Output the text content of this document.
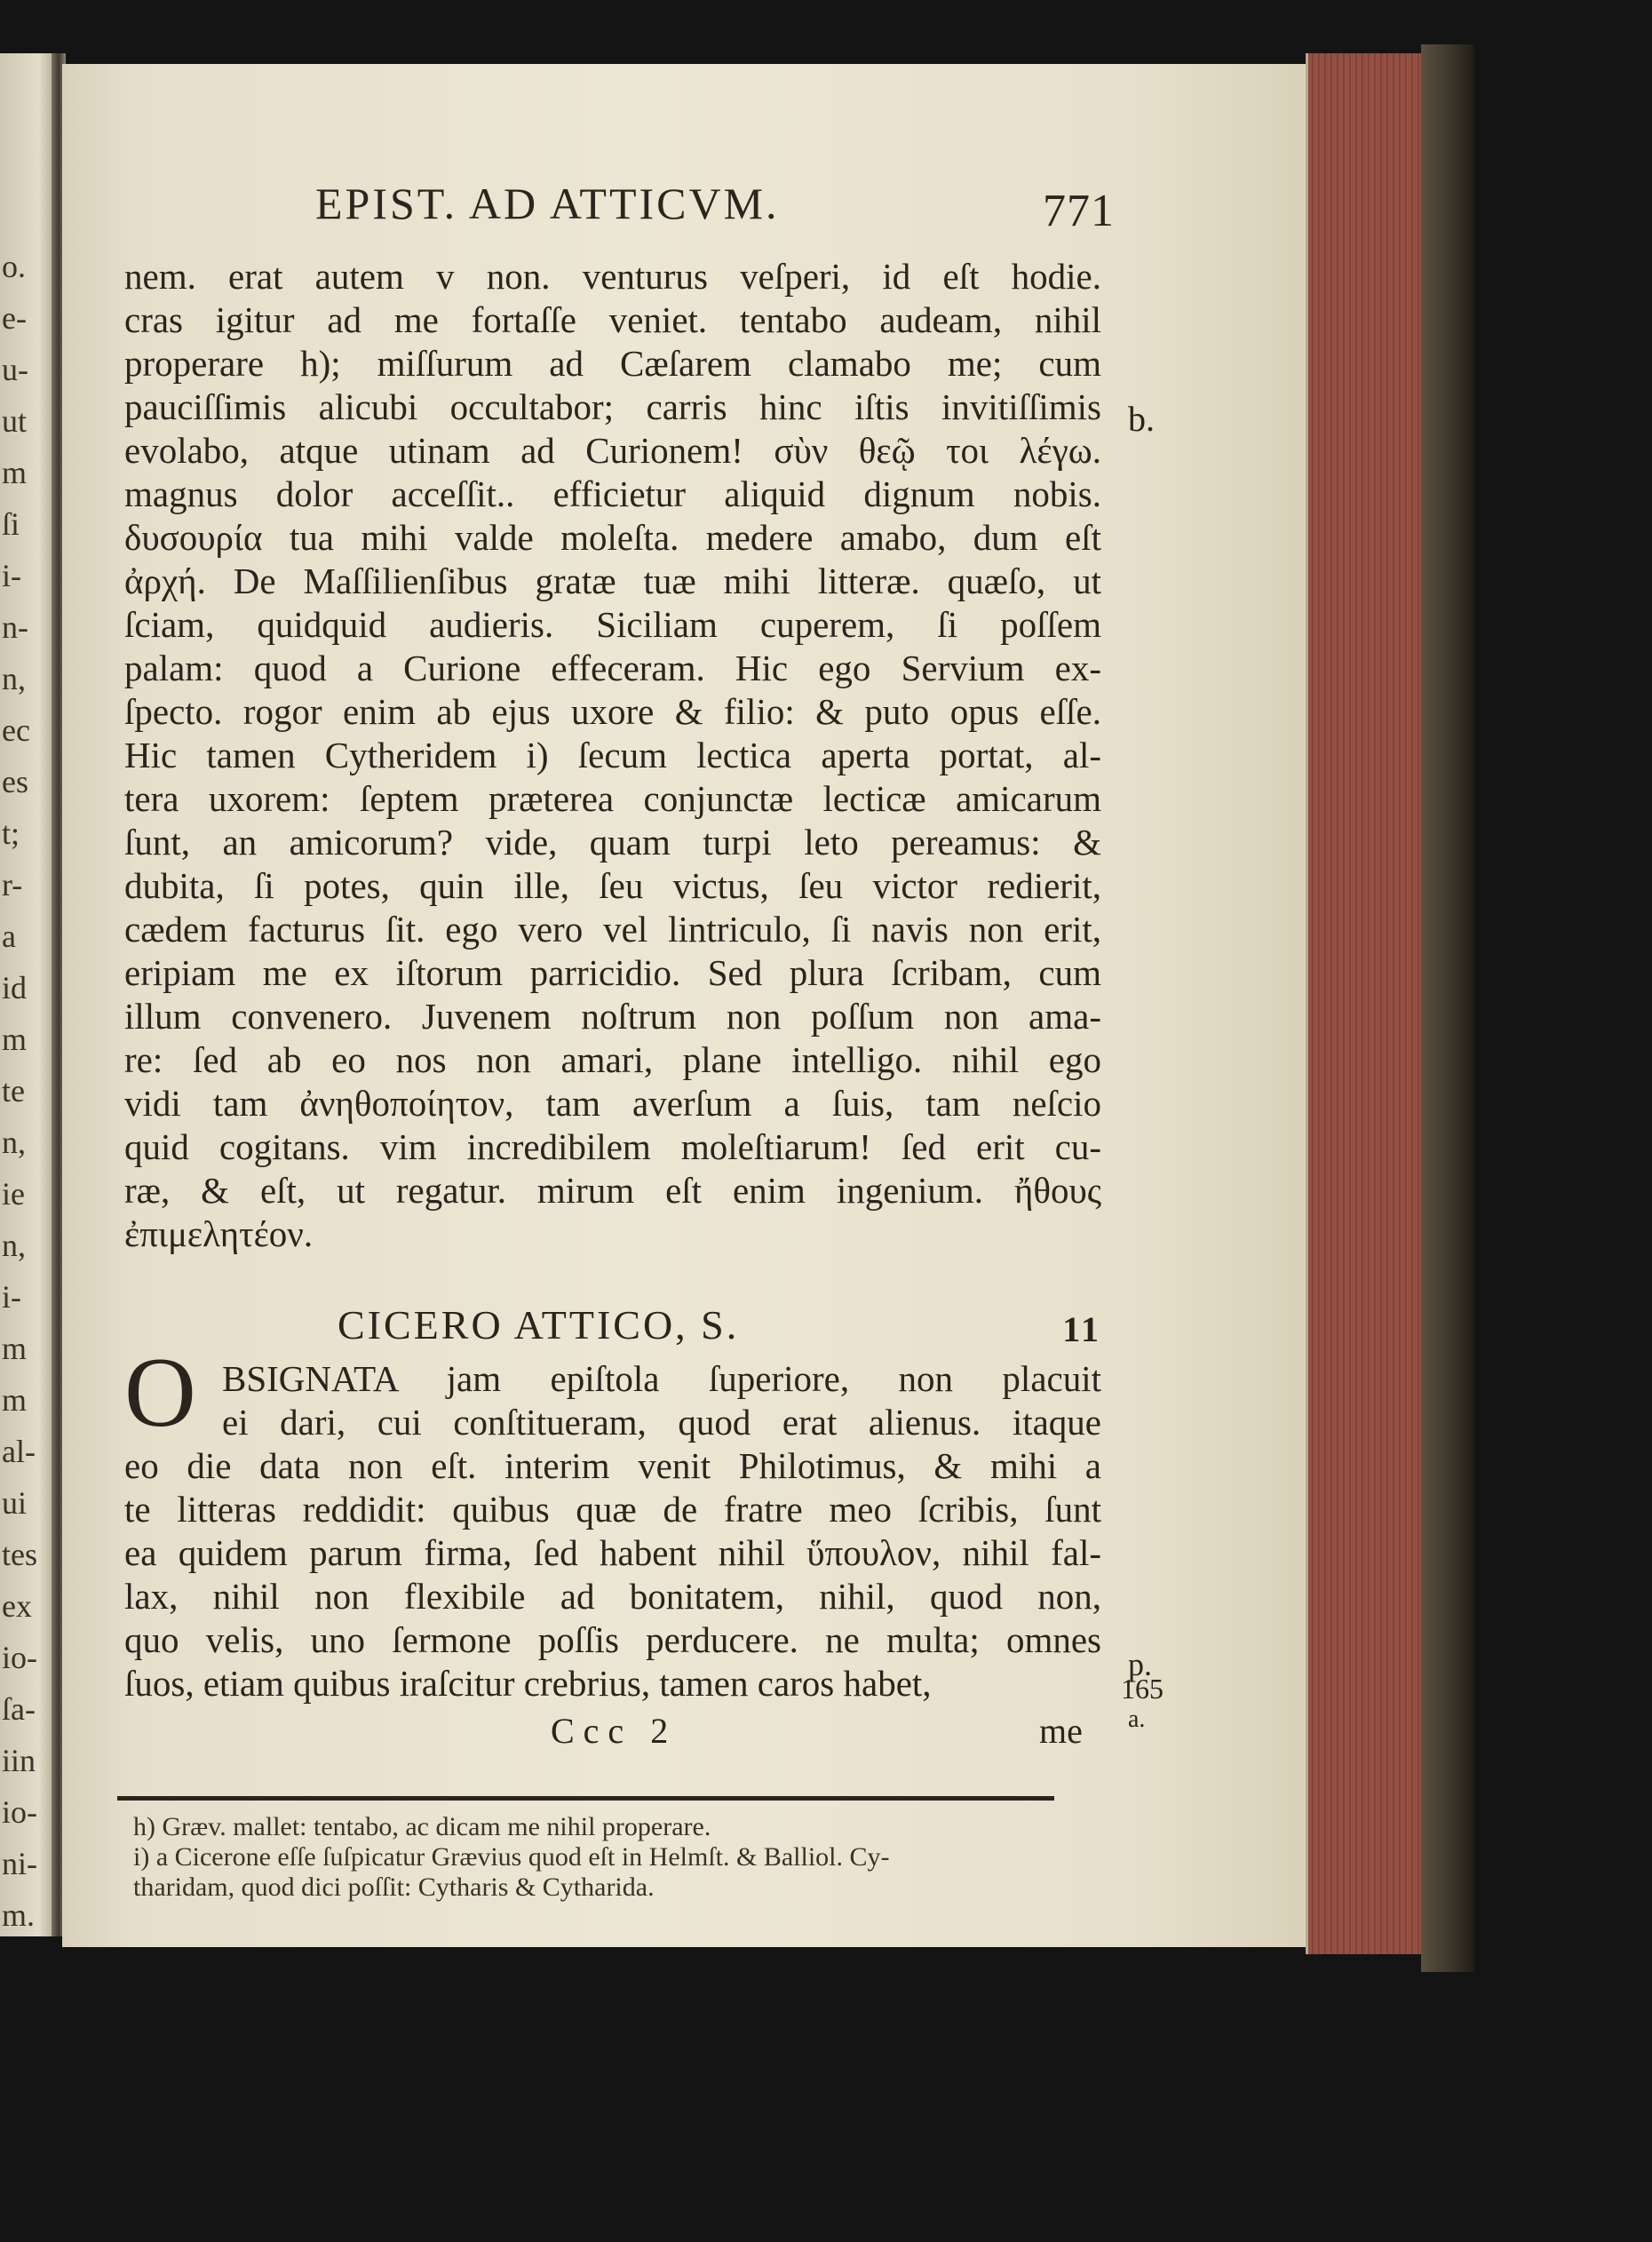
o.
e-
u-
ut
m
ſi
i-
n-
n,
ec
es
t;
r-
a
id
m
te
n,
ie
n,
i-
m
m
al-
ui
tes
ex
io-
ſa-
iin
io-
ni-
m.
EPIST. AD ATTICVM.	771
nem. erat autem v non. venturus veſperi, id eſt hodie.
cras igitur ad me fortaſſe veniet. tentabo audeam, nihil
properare h); miſſurum ad Cæſarem clamabo me; cum
pauciſſimis alicubi occultabor; carris hinc iſtis invitiſſimis
evolabo, atque utinam ad Curionem! σὺν θεῷ τοι λέγω.
magnus dolor acceſſit.. efficietur aliquid dignum nobis.
δυσουρία tua mihi valde moleſta. medere amabo, dum eſt
ἀρχή. De Maſſilienſibus gratæ tuæ mihi litteræ. quæſo, ut
ſciam, quidquid audieris. Siciliam cuperem, ſi poſſem
palam: quod a Curione effeceram. Hic ego Servium ex-
ſpecto. rogor enim ab ejus uxore & filio: & puto opus eſſe.
Hic tamen Cytheridem i) ſecum lectica aperta portat, al-
tera uxorem: ſeptem præterea conjunctæ lecticæ amicarum
ſunt, an amicorum? vide, quam turpi leto pereamus: &
dubita, ſi potes, quin ille, ſeu victus, ſeu victor redierit,
cædem facturus ſit. ego vero vel lintriculo, ſi navis non erit,
eripiam me ex iſtorum parricidio. Sed plura ſcribam, cum
illum convenero. Juvenem noſtrum non poſſum non ama-
re: ſed ab eo nos non amari, plane intelligo. nihil ego
vidi tam ἀνηθοποίητον, tam averſum a ſuis, tam neſcio
quid cogitans. vim incredibilem moleſtiarum! ſed erit cu-
ræ, & eſt, ut regatur. mirum eſt enim ingenium. ἤθους
ἐπιμελητέον.
CICERO ATTICO, S.	11
O BSIGNATA jam epiſtola ſuperiore, non placuit
ei dari, cui conſtitueram, quod erat alienus. itaque
eo die data non eſt. interim venit Philotimus, & mihi a
te litteras reddidit: quibus quæ de fratre meo ſcribis, ſunt
ea quidem parum firma, ſed habent nihil ὕπουλον, nihil fal-
lax, nihil non flexibile ad bonitatem, nihil, quod non,
quo velis, uno ſermone poſſis perducere. ne multa; omnes
ſuos, etiam quibus iraſcitur crebrius, tamen caros habet,
Ccc 2	me
h) Græv. mallet: tentabo, ac dicam me nihil properare.
i) a Cicerone eſſe ſuſpicatur Grævius quod eſt in Helmſt. & Balliol. Cy-
tharidam, quod dici poſſit: Cytharis & Cytharida.
b.
p.
165
a.
